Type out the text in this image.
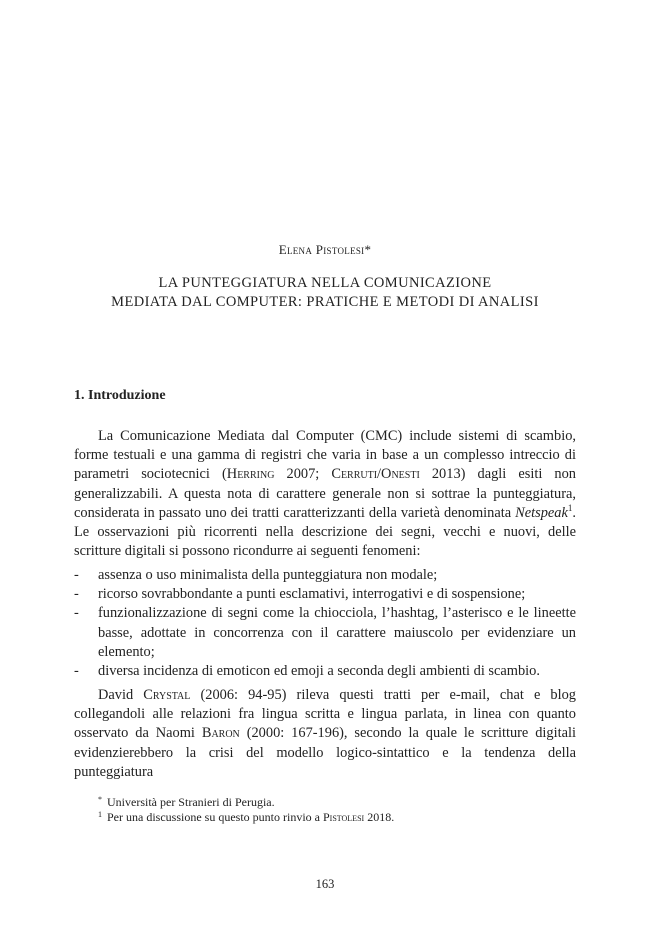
Elena Pistolesi*
LA PUNTEGGIATURA NELLA COMUNICAZIONE
MEDIATA DAL COMPUTER: PRATICHE E METODI DI ANALISI
1. Introduzione

La Comunicazione Mediata dal Computer (CMC) include sistemi di scambio, forme testuali e una gamma di registri che varia in base a un complesso intreccio di parametri sociotecnici (Herring 2007; Cerruti/Onesti 2013) dagli esiti non generalizzabili. A questa nota di carattere generale non si sottrae la punteggiatura, considerata in passato uno dei tratti caratterizzanti della varietà denominata Netspeak$^1$. Le osservazioni più ricorrenti nella descrizione dei segni, vecchi e nuovi, delle scritture digitali si possono ricondurre ai seguenti fenomeni:

- assenza o uso minimalista della punteggiatura non modale;
- ricorso sovrabbondante a punti esclamativi, interrogativi e di sospensione;
- funzionalizzazione di segni come la chiocciola, l’hashtag, l’asterisco e le lineette basse, adottate in concorrenza con il carattere maiuscolo per evidenziare un elemento;
- diversa incidenza di emoticon ed emoji a seconda degli ambienti di scambio.

David Crystal (2006: 94-95) rileva questi tratti per e-mail, chat e blog collegandoli alle relazioni fra lingua scritta e lingua parlata, in linea con quanto osservato da Naomi Baron (2000: 167-196), secondo la quale le scritture digitali evidenzierebbero la crisi del modello logico-sintattico e la tendenza della punteggiatura

* Università per Stranieri di Perugia.
1 Per una discussione su questo punto rinvio a Pistolesi 2018.
163
